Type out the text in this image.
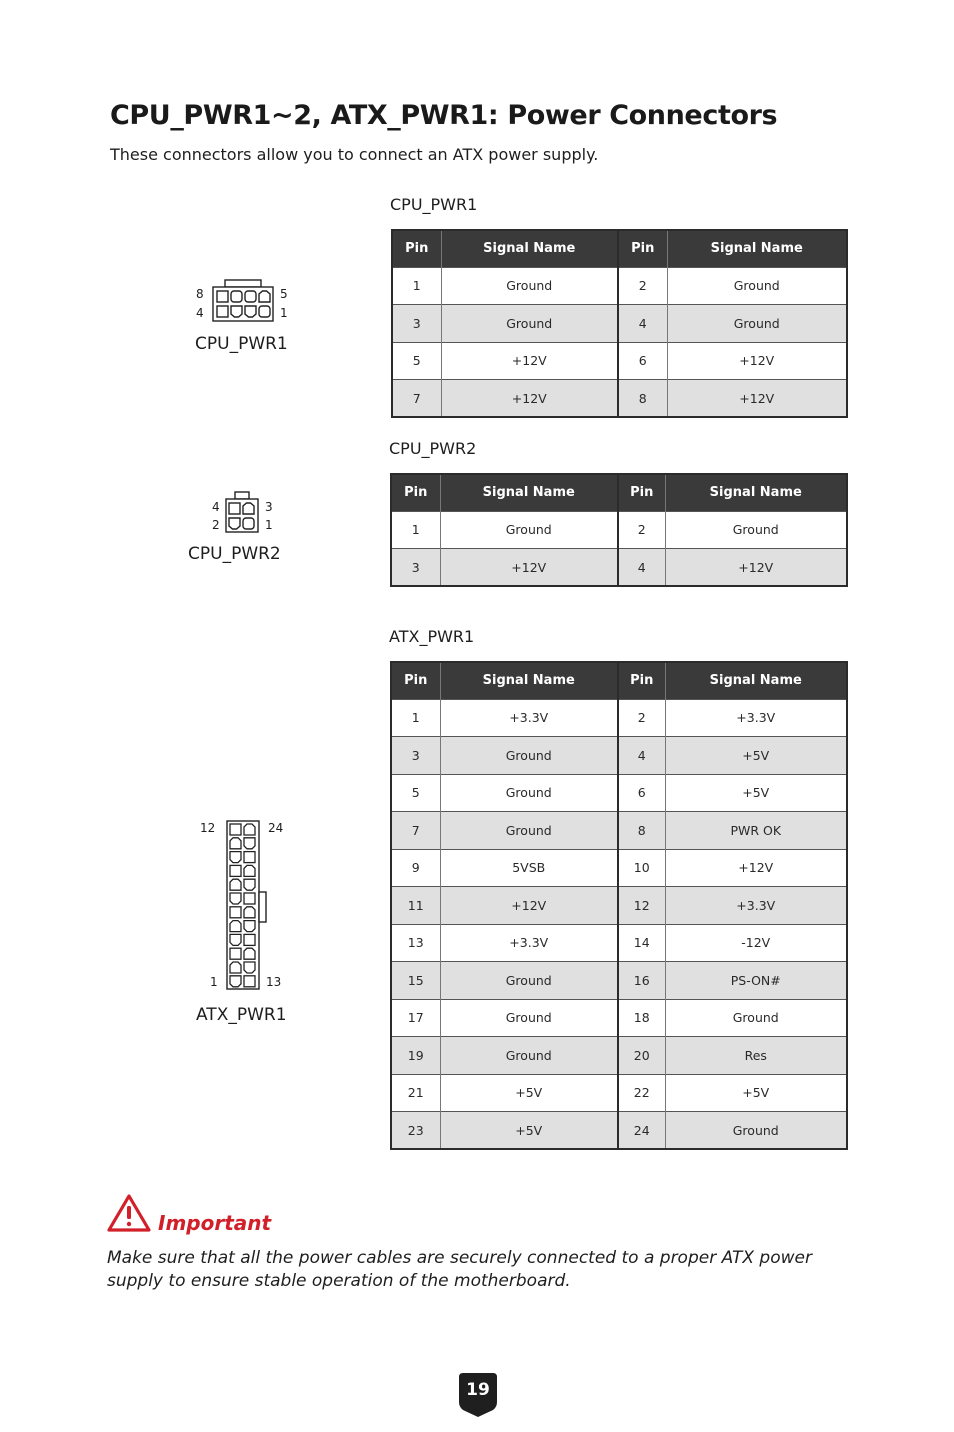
CPU_PWR1~2, ATX_PWR1: Power Connectors
These connectors allow you to connect an ATX power supply.
8
4
5
1
CPU_PWR1
CPU_PWR1
Pin	Signal Name	Pin	Signal Name
1	Ground	2	Ground
3	Ground	4	Ground
5	+12V	6	+12V
7	+12V	8	+12V
4
2
3
1
CPU_PWR2
CPU_PWR2
Pin	Signal Name	Pin	Signal Name
1	Ground	2	Ground
3	+12V	4	+12V
12	24
1	13
ATX_PWR1
ATX_PWR1
Pin	Signal Name	Pin	Signal Name
1	+3.3V	2	+3.3V
3	Ground	4	+5V
5	Ground	6	+5V
7	Ground	8	PWR OK
9	5VSB	10	+12V
11	+12V	12	+3.3V
13	+3.3V	14	-12V
15	Ground	16	PS-ON#
17	Ground	18	Ground
19	Ground	20	Res
21	+5V	22	+5V
23	+5V	24	Ground
Important
Make sure that all the power cables are securely connected to a proper ATX power supply to ensure stable operation of the motherboard.
19
